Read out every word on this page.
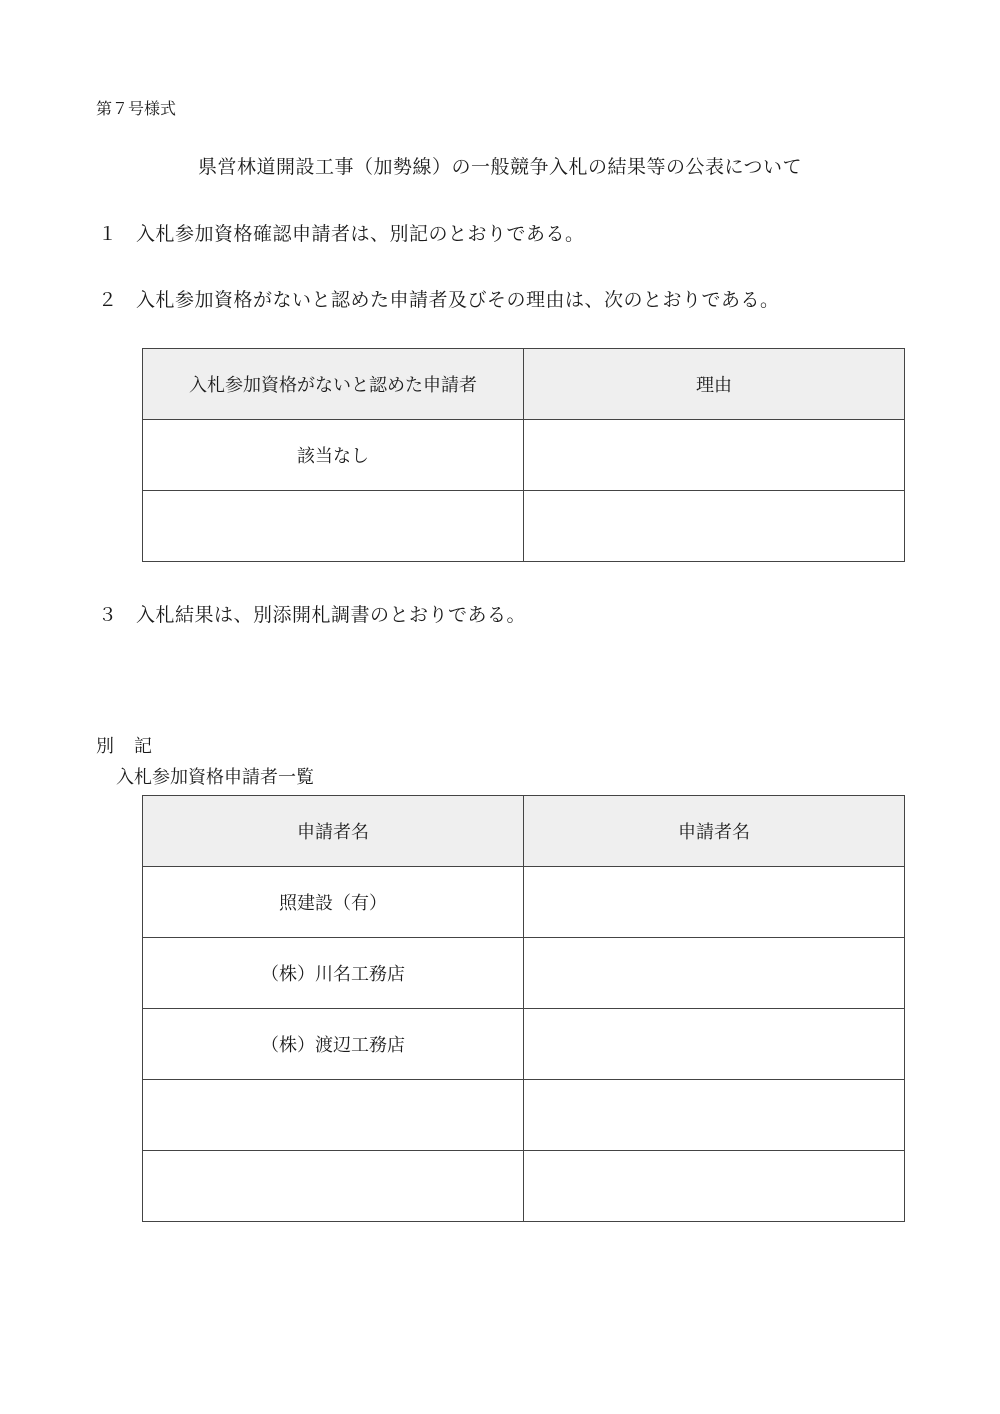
第７号様式
県営林道開設工事（加勢線）の一般競争入札の結果等の公表について
１ 入札参加資格確認申請者は、別記のとおりである。
２ 入札参加資格がないと認めた申請者及びその理由は、次のとおりである。
入札参加資格がないと認めた申請者	理由
該当なし	

３ 入札結果は、別添開札調書のとおりである。
別 記
入札参加資格申請者一覧
申請者名	申請者名
照建設（有）	
（株）川名工務店	
（株）渡辺工務店	
